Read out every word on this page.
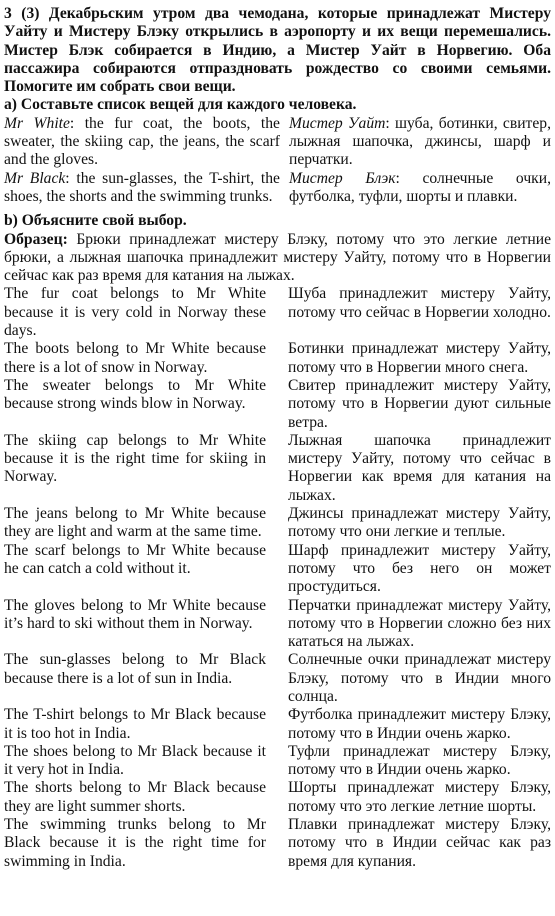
3 (3) Декабрьским утром два чемодана, которые принадлежат Мистеру Уайту и Мистеру Блэку открылись в аэропорту и их вещи перемешались. Мистер Блэк собирается в Индию, а Мистер Уайт в Норвегию. Оба пассажира собираются отпраздновать рождество со своими семьями. Помогите им собрать свои вещи.

а) Составьте список вещей для каждого человека.

Mr White: the fur coat, the boots, the sweater, the skiing cap, the jeans, the scarf and the gloves.

Mr Black: the sun-glasses, the T-shirt, the shoes, the shorts and the swimming trunks.

Мистер Уайт: шуба, ботинки, свитер, лыжная шапочка, джинсы, шарф и перчатки.

Мистер Блэк: солнечные очки, футболка, туфли, шорты и плавки.

b) Объясните свой выбор.

Образец: Брюки принадлежат мистеру Блэку, потому что это легкие летние брюки, а лыжная шапочка принадлежит мистеру Уайту, потому что в Норвегии сейчас как раз время для катания на лыжах.

The fur coat belongs to Mr White because it is very cold in Norway these days.

Шуба принадлежит мистеру Уайту, потому что сейчас в Норвегии холодно.

The boots belong to Mr White because there is a lot of snow in Norway.

Ботинки принадлежат мистеру Уайту, потому что в Норвегии много снега.

The sweater belongs to Mr White because strong winds blow in Norway.

Свитер принадлежит мистеру Уайту, потому что в Норвегии дуют сильные ветра.

The skiing cap belongs to Mr White because it is the right time for skiing in Norway.

Лыжная шапочка принадлежит мистеру Уайту, потому что сейчас в Норвегии как время для катания на лыжах.

The jeans belong to Mr White because they are light and warm at the same time.

Джинсы принадлежат мистеру Уайту, потому что они легкие и теплые.

The scarf belongs to Mr White because he can catch a cold without it.

Шарф принадлежит мистеру Уайту, потому что без него он может простудиться.

The gloves belong to Mr White because it’s hard to ski without them in Norway.

Перчатки принадлежат мистеру Уайту, потому что в Норвегии сложно без них кататься на лыжах.

The sun-glasses belong to Mr Black because there is a lot of sun in India.

Солнечные очки принадлежат мистеру Блэку, потому что в Индии много солнца.

The T-shirt belongs to Mr Black because it is too hot in India.

Футболка принадлежит мистеру Блэку, потому что в Индии очень жарко.

The shoes belong to Mr Black because it it very hot in India.

Туфли принадлежат мистеру Блэку, потому что в Индии очень жарко.

The shorts belong to Mr Black because they are light summer shorts.

Шорты принадлежат мистеру Блэку, потому что это легкие летние шорты.

The swimming trunks belong to Mr Black because it is the right time for swimming in India.

Плавки принадлежат мистеру Блэку, потому что в Индии сейчас как раз время для купания.
